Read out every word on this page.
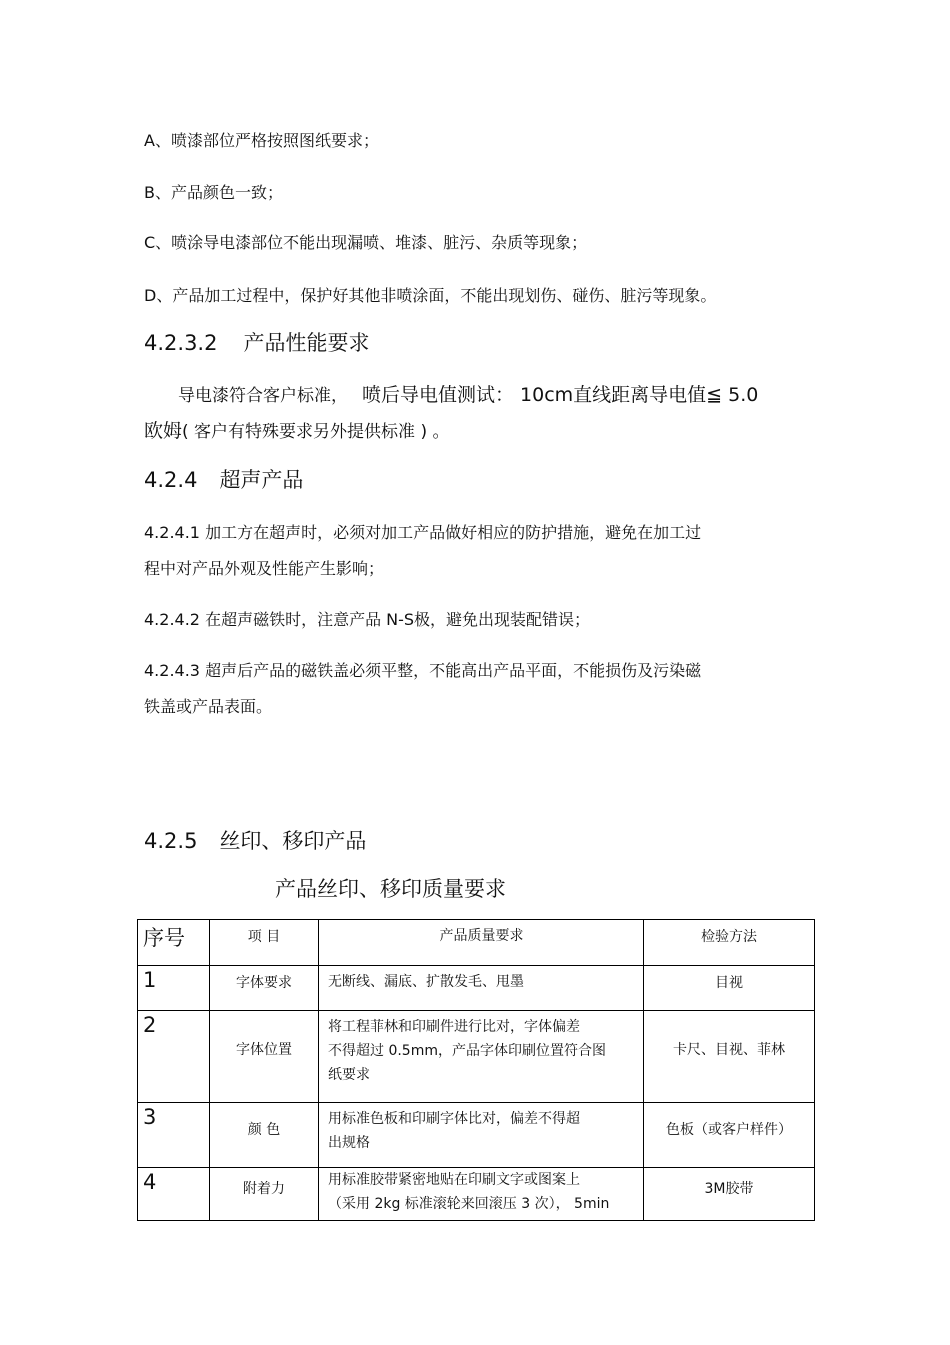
A、喷漆部位严格按照图纸要求；
B、产品颜色一致；
C、喷涂导电漆部位不能出现漏喷、堆漆、脏污、杂质等现象；
D、产品加工过程中，保护好其他非喷涂面，不能出现划伤、碰伤、脏污等现象。
4.2.3.2 产品性能要求
导电漆符合客户标准， 喷后导电值测试： 10cm直线距离导电值≦ 5.0
欧姆( 客户有特殊要求另外提供标准 ) 。
4.2.4 超声产品
4.2.4.1 加工方在超声时，必须对加工产品做好相应的防护措施，避免在加工过
程中对产品外观及性能产生影响；
4.2.4.2 在超声磁铁时，注意产品 N-S极，避免出现装配错误；
4.2.4.3 超声后产品的磁铁盖必须平整，不能高出产品平面，不能损伤及污染磁
铁盖或产品表面。
4.2.5 丝印、移印产品
产品丝印、移印质量要求
序号	项 目	产品质量要求	检验方法
1	字体要求	无断线、漏底、扩散发毛、甩墨	目视
2	字体位置	将工程菲林和印刷件进行比对，字体偏差
不得超过 0.5mm，产品字体印刷位置符合图
纸要求	卡尺、目视、菲林
3	颜 色	用标准色板和印刷字体比对，偏差不得超
出规格	色板（或客户样件）
4	附着力	用标准胶带紧密地贴在印刷文字或图案上
（采用 2kg 标准滚轮来回滚压 3 次）， 5min	3M胶带
